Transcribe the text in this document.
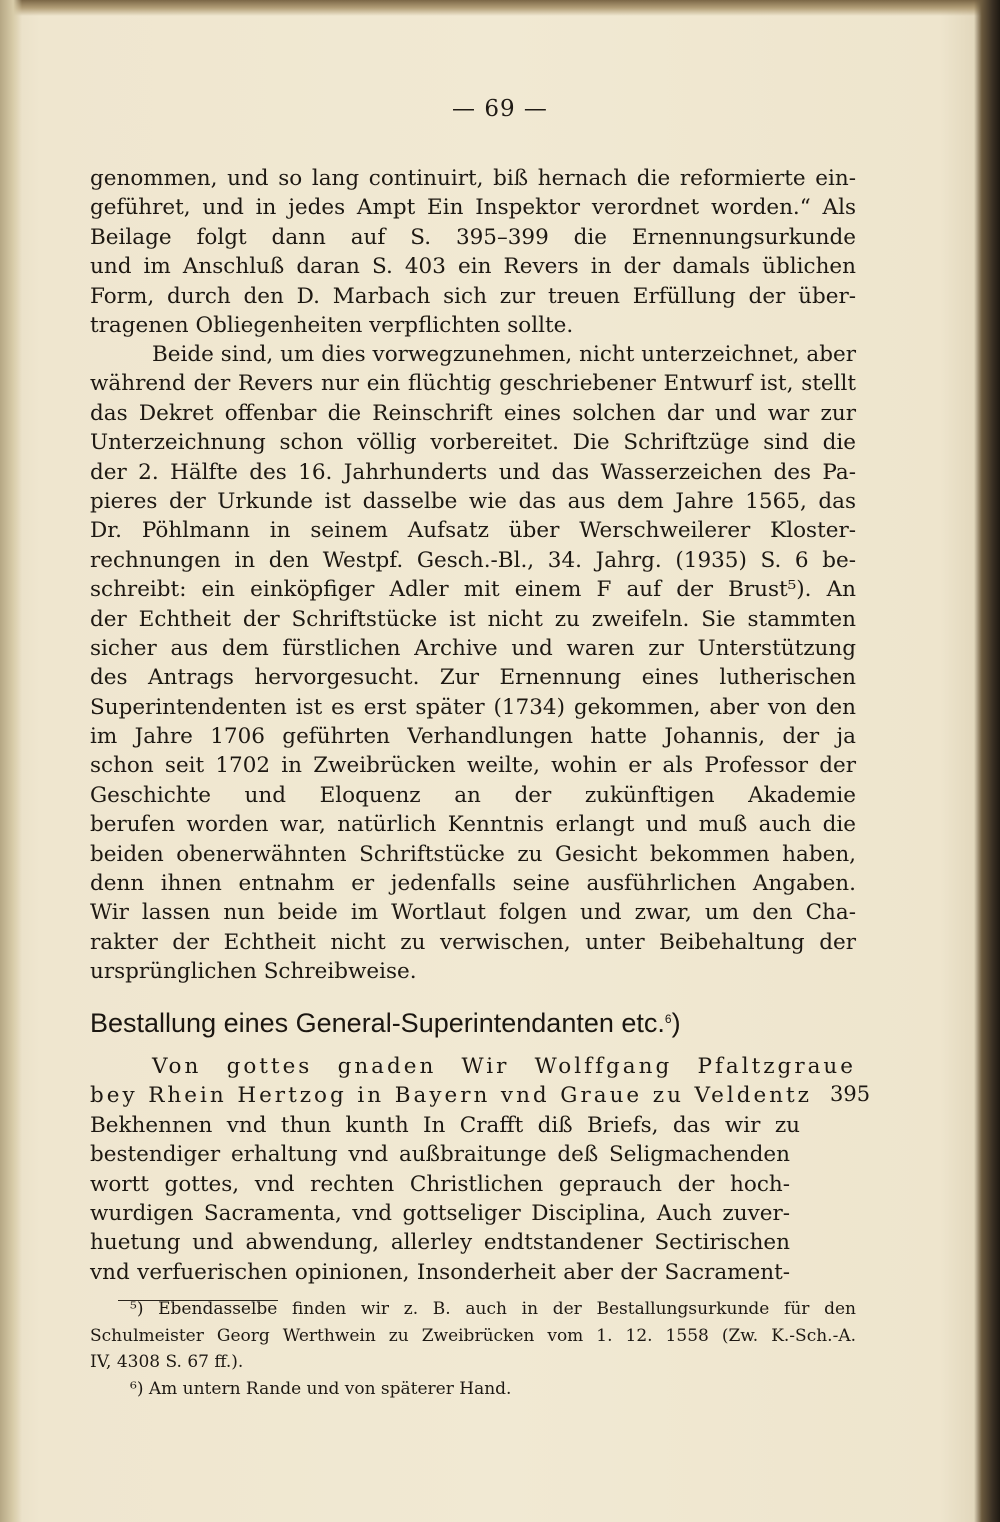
— 69 —
genommen, und so lang continuirt, biß hernach die reformierte ein-
geführet, und in jedes Ampt Ein Inspektor verordnet worden.“ Als
Beilage folgt dann auf S. 395–399 die Ernennungsurkunde
und im Anschluß daran S. 403 ein Revers in der damals üblichen
Form, durch den D. Marbach sich zur treuen Erfüllung der über-
tragenen Obliegenheiten verpflichten sollte.
Beide sind, um dies vorwegzunehmen, nicht unterzeichnet, aber
während der Revers nur ein flüchtig geschriebener Entwurf ist, stellt
das Dekret offenbar die Reinschrift eines solchen dar und war zur
Unterzeichnung schon völlig vorbereitet. Die Schriftzüge sind die
der 2. Hälfte des 16. Jahrhunderts und das Wasserzeichen des Pa-
pieres der Urkunde ist dasselbe wie das aus dem Jahre 1565, das
Dr. Pöhlmann in seinem Aufsatz über Werschweilerer Kloster-
rechnungen in den Westpf. Gesch.-Bl., 34. Jahrg. (1935) S. 6 be-
schreibt: ein einköpfiger Adler mit einem F auf der Brust⁵). An
der Echtheit der Schriftstücke ist nicht zu zweifeln. Sie stammten
sicher aus dem fürstlichen Archive und waren zur Unterstützung
des Antrags hervorgesucht. Zur Ernennung eines lutherischen
Superintendenten ist es erst später (1734) gekommen, aber von den
im Jahre 1706 geführten Verhandlungen hatte Johannis, der ja
schon seit 1702 in Zweibrücken weilte, wohin er als Professor der
Geschichte und Eloquenz an der zukünftigen Akademie
berufen worden war, natürlich Kenntnis erlangt und muß auch die
beiden obenerwähnten Schriftstücke zu Gesicht bekommen haben,
denn ihnen entnahm er jedenfalls seine ausführlichen Angaben.
Wir lassen nun beide im Wortlaut folgen und zwar, um den Cha-
rakter der Echtheit nicht zu verwischen, unter Beibehaltung der
ursprünglichen Schreibweise.
Bestallung eines General-Superintendanten etc.$^6$)
Von gottes gnaden Wir Wolffgang Pfaltzgraue
bey Rhein Hertzog in Bayern vnd Graue zu Veldentz
Bekhennen vnd thun kunth In Crafft diß Briefs, das wir zu
bestendiger erhaltung vnd außbraitunge deß Seligmachenden
wortt gottes, vnd rechten Christlichen geprauch der hoch-
wurdigen Sacramenta, vnd gottseliger Disciplina, Auch zuver-
huetung und abwendung, allerley endtstandener Sectirischen
vnd verfuerischen opinionen, Insonderheit aber der Sacrament-
395
⁵) Ebendasselbe finden wir z. B. auch in der Bestallungsurkunde für den
Schulmeister Georg Werthwein zu Zweibrücken vom 1. 12. 1558 (Zw. K.-Sch.-A.
IV, 4308 S. 67 ff.).
⁶) Am untern Rande und von späterer Hand.
